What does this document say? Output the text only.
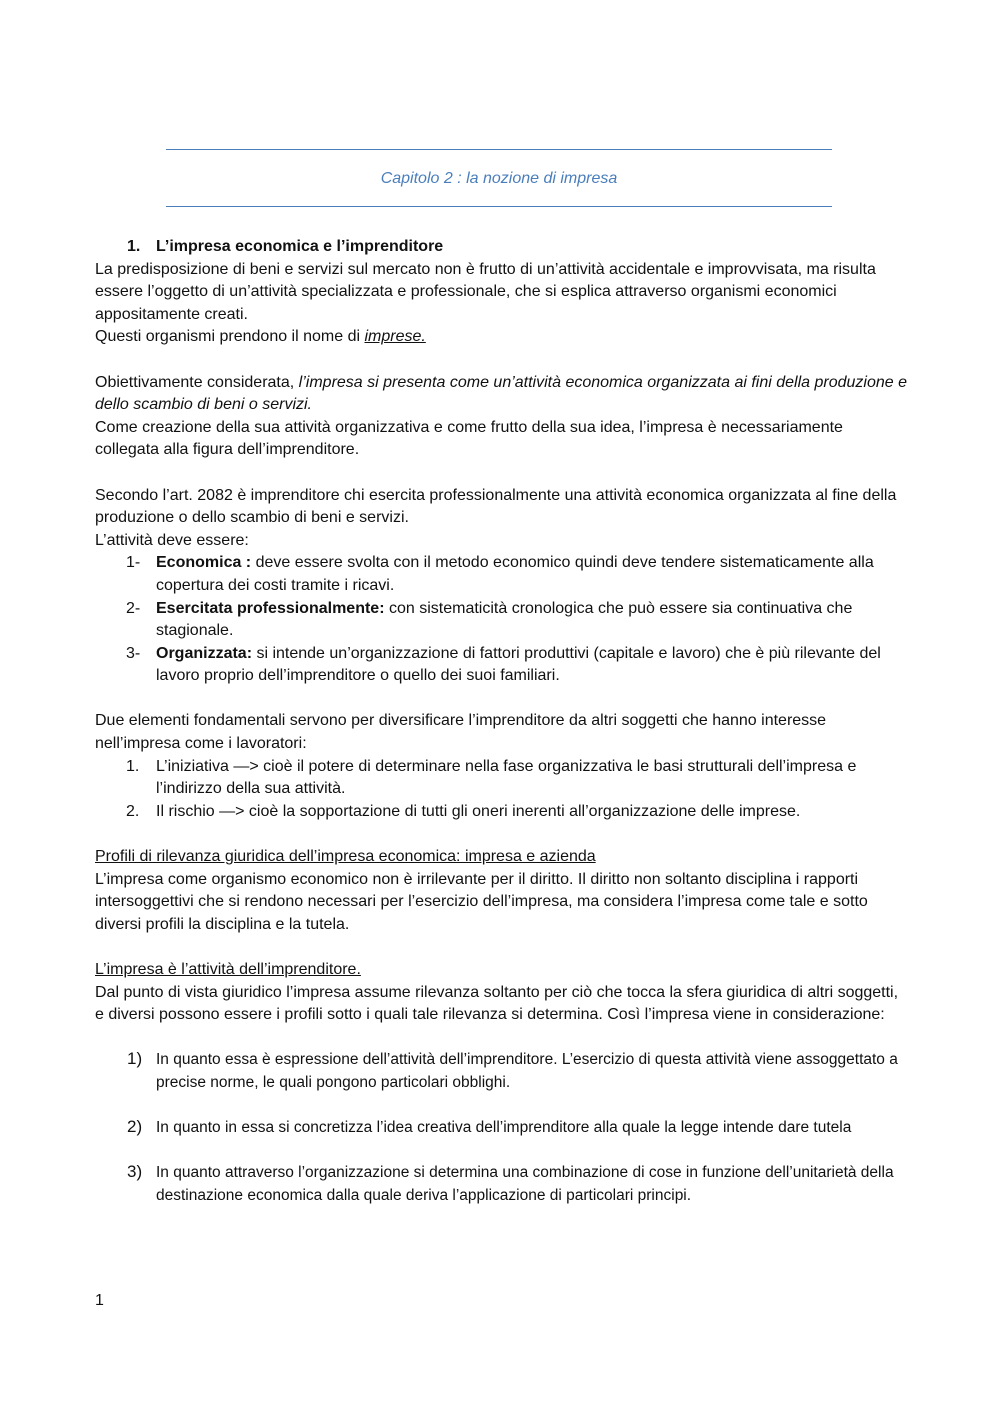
Capitolo 2 : la nozione di impresa

1. L’impresa economica e l’imprenditore

La predisposizione di beni e servizi sul mercato non è frutto di un’attività accidentale e improvvisata, ma risulta essere l’oggetto di un’attività specializzata e professionale, che si esplica attraverso organismi economici appositamente creati.

Questi organismi prendono il nome di imprese.

Obiettivamente considerata, l’impresa si presenta come un’attività economica organizzata ai fini della produzione e dello scambio di beni o servizi.

Come creazione della sua attività organizzativa e come frutto della sua idea, l’impresa è necessariamente collegata alla figura dell’imprenditore.

Secondo l’art. 2082 è imprenditore chi esercita professionalmente una attività economica organizzata al fine della produzione o dello scambio di beni e servizi.

L’attività deve essere:

1- Economica : deve essere svolta con il metodo economico quindi deve tendere sistematicamente alla copertura dei costi tramite i ricavi.

2- Esercitata professionalmente: con sistematicità cronologica che può essere sia continuativa che stagionale.

3- Organizzata: si intende un’organizzazione di fattori produttivi (capitale e lavoro) che è più rilevante del lavoro proprio dell’imprenditore o quello dei suoi familiari.

Due elementi fondamentali servono per diversificare l’imprenditore da altri soggetti che hanno interesse nell’impresa come i lavoratori:

1. L’iniziativa —> cioè il potere di determinare nella fase organizzativa le basi strutturali dell’impresa e l’indirizzo della sua attività.

2. Il rischio —> cioè la sopportazione di tutti gli oneri inerenti all’organizzazione delle imprese.

Profili di rilevanza giuridica dell’impresa economica: impresa e azienda

L’impresa come organismo economico non è irrilevante per il diritto. Il diritto non soltanto disciplina i rapporti intersoggettivi che si rendono necessari per l’esercizio dell’impresa, ma considera l’impresa come tale e sotto diversi profili la disciplina e la tutela.

L’impresa è l’attività dell’imprenditore.

Dal punto di vista giuridico l’impresa assume rilevanza soltanto per ciò che tocca la sfera giuridica di altri soggetti, e diversi possono essere i profili sotto i quali tale rilevanza si determina. Così l’impresa viene in considerazione:

1) In quanto essa è espressione dell’attività dell’imprenditore. L’esercizio di questa attività viene assoggettato a precise norme, le quali pongono particolari obblighi.

2) In quanto in essa si concretizza l’idea creativa dell’imprenditore alla quale la legge intende dare tutela

3) In quanto attraverso l’organizzazione si determina una combinazione di cose in funzione dell’unitarietà della destinazione economica dalla quale deriva l’applicazione di particolari principi.

1
